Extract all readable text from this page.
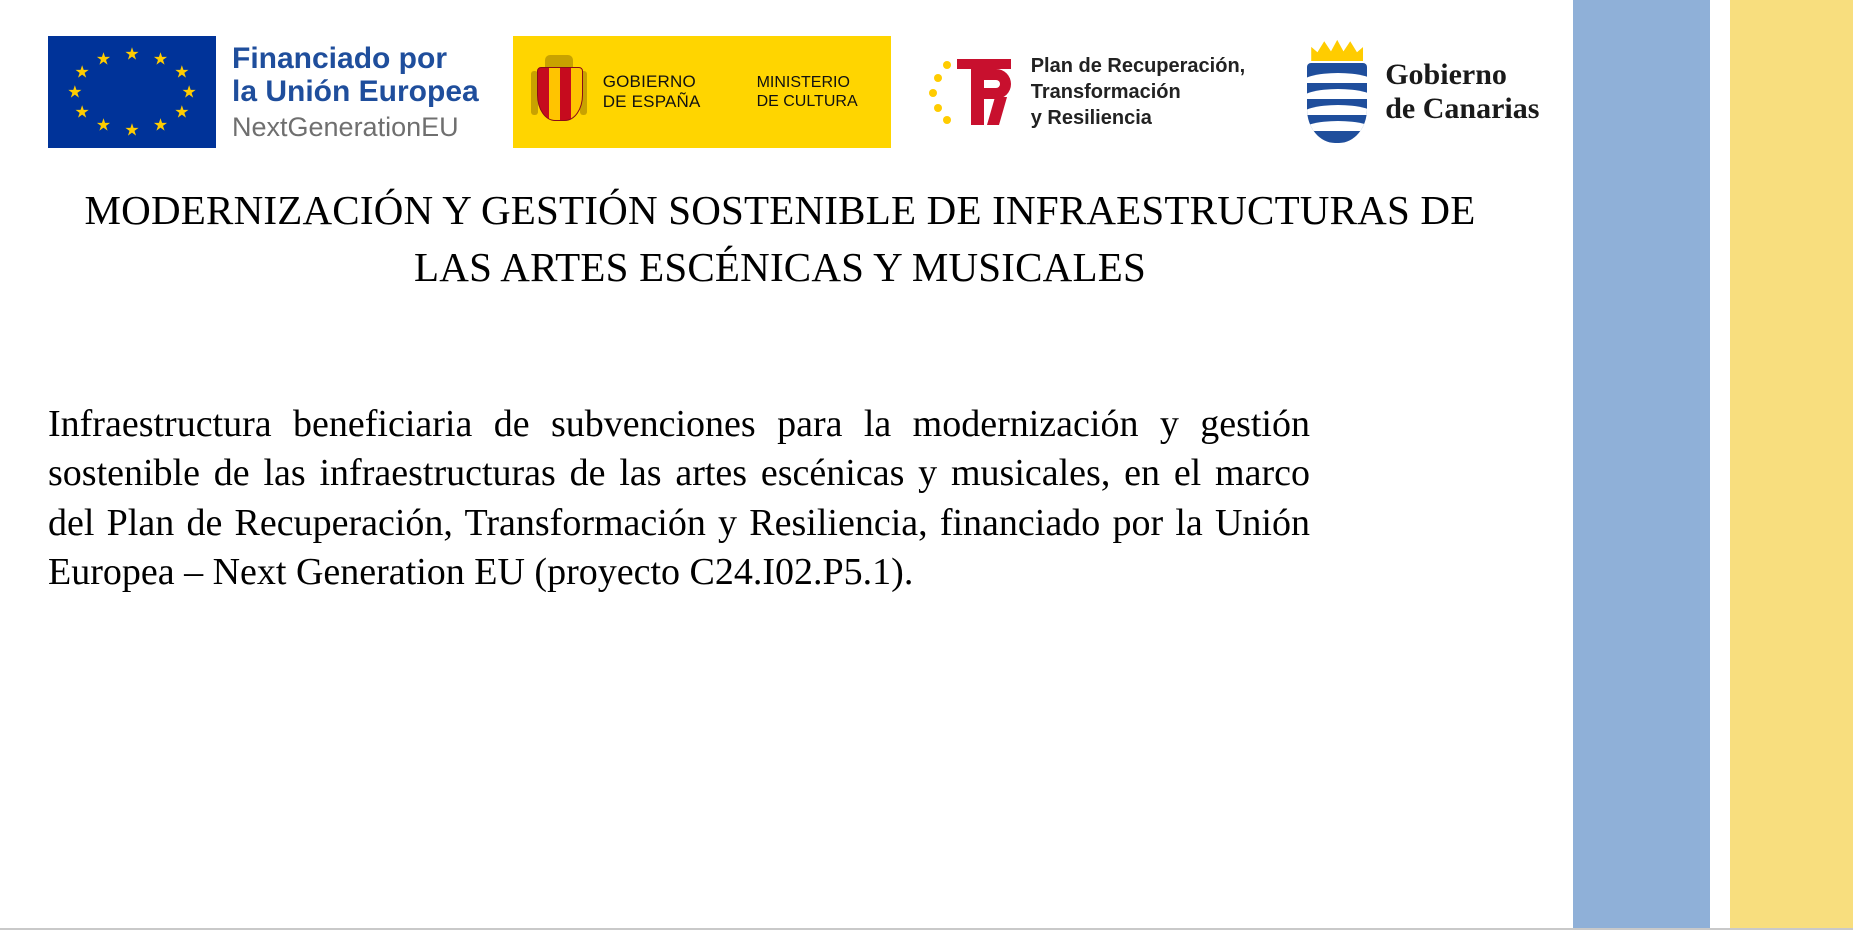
★ ★
★
★
★
★
★
★
★
★
★
★	Financiado por
la Unión Europea
NextGenerationEU
GOBIERNO
DE ESPAÑA
MINISTERIO
DE CULTURA
Plan de Recuperación,
Transformación
y Resiliencia
Gobierno
de Canarias
MODERNIZACIÓN Y GESTIÓN SOSTENIBLE DE INFRAESTRUCTURAS DE LAS ARTES ESCÉNICAS Y MUSICALES
Infraestructura beneficiaria de subvenciones para la modernización y gestión sostenible de las infraestructuras de las artes escénicas y musicales, en el marco del Plan de Recuperación, Transformación y Resiliencia, financiado por la Unión Europea – Next Generation EU (proyecto C24.I02.P5.1).
